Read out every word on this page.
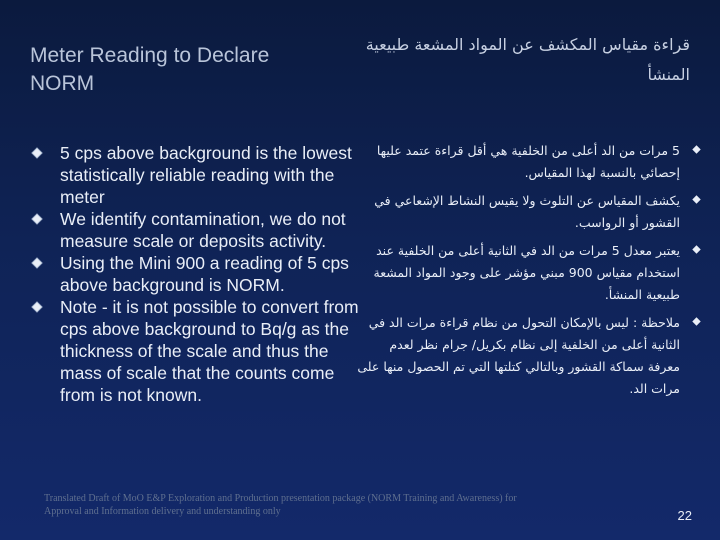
Meter Reading to Declare NORM
قراءة مقياس المكشف عن المواد المشعة طبيعية المنشأ
5 cps above background is the lowest statistically reliable reading with the meter
We identify contamination, we do not measure scale or deposits activity.
Using the Mini 900 a reading of 5 cps above background is NORM.
Note - it is not possible to convert from cps above background to Bq/g as the thickness of the scale and thus the mass of scale that the counts come from is not known.
5 مرات من الد أعلى من الخلفية هي أقل قراءة عتمد عليها إحصائي بالنسبة لهذا المقياس.
يكشف المقياس عن التلوث ولا يقيس النشاط الإشعاعي في القشور أو الرواسب.
يعتبر معدل 5 مرات من الد في الثانية أعلى من الخلفية عند استخدام مقياس 900 مبني مؤشر على وجود المواد المشعة طبيعية المنشأ.
ملاحظة : ليس بالإمكان التحول من نظام قراءة مرات الد في الثانية أعلى من الخلفية إلى نظام بكريل/ جرام نظر لعدم معرفة سماكة القشور وبالتالي كتلتها التي تم الحصول منها على مرات الد.
Translated Draft of MoO E&P Exploration and Production presentation package (NORM Training and Awareness) for Approval and Information delivery and understanding only	22
